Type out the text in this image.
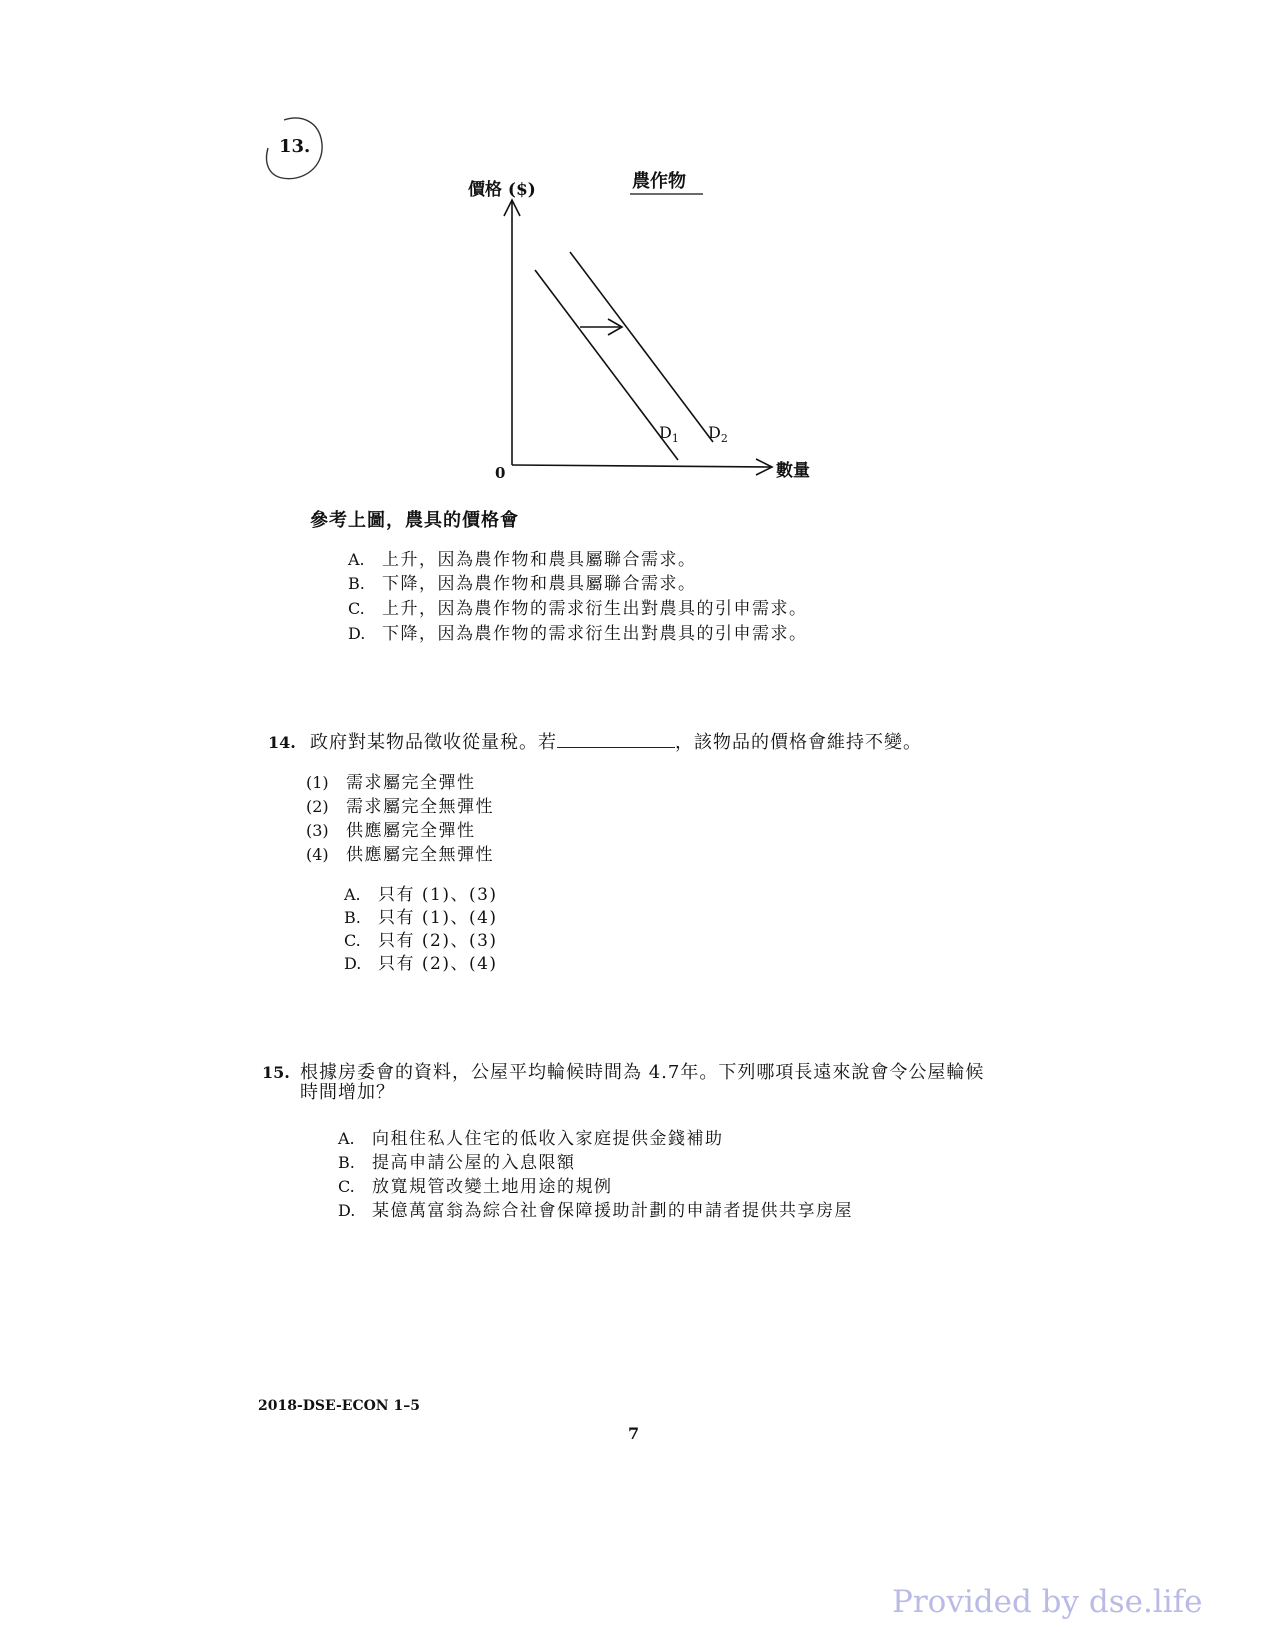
13.
農作物
價格 ($)
數量
0
$D_1$ $D_2$
參考上圖，農具的價格會
A. 上升，因為農作物和農具屬聯合需求。
B. 下降，因為農作物和農具屬聯合需求。
C. 上升，因為農作物的需求衍生出對農具的引申需求。
D. 下降，因為農作物的需求衍生出對農具的引申需求。
14. 政府對某物品徵收從量稅。若	，該物品的價格會維持不變。
(1) 需求屬完全彈性
(2) 需求屬完全無彈性
(3) 供應屬完全彈性
(4) 供應屬完全無彈性
A. 只有 (1)、(3)
B. 只有 (1)、(4)
C. 只有 (2)、(3)
D. 只有 (2)、(4)
15. 根據房委會的資料，公屋平均輪候時間為 4.7年。下列哪項長遠來說會令公屋輪候
時間增加？
A. 向租住私人住宅的低收入家庭提供金錢補助
B. 提高申請公屋的入息限額
C. 放寬規管改變土地用途的規例
D. 某億萬富翁為綜合社會保障援助計劃的申請者提供共享房屋
2018-DSE-ECON 1–5
7
Provided by dse.life
